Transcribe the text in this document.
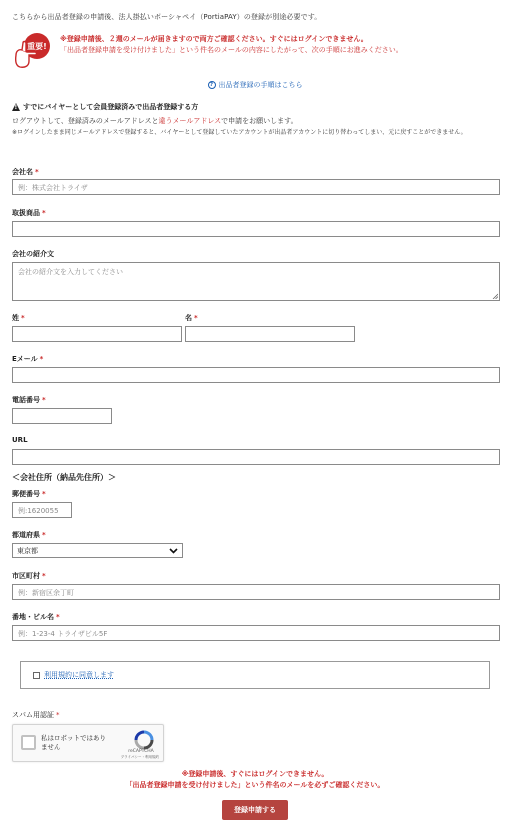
こちらから出品者登録の申請後、法人掛払いボーシャペイ（PortiaPAY）の登録が別途必要です。
重要!
※登録申請後、２週のメールが届きますので両方ご確認ください。すぐにはログインできません。
「出品者登録申請を受け付けました」という件名のメールの内容にしたがって、次の手順にお進みください。
? 出品者登録の手順はこちら
!
すでにバイヤーとして会員登録済みで出品者登録する方
ログアウトして、登録済みのメールアドレスと違うメールアドレスで申請をお願いします。
※ログインしたまま同じメールアドレスで登録すると、バイヤーとして登録していたアカウントが出品者アカウントに切り替わってしまい、元に戻すことができません。
会社名 *
例：株式会社トライザ
取扱商品 *
会社の紹介文
会社の紹介文を入力してください
姓 *	名 *
Eメール *
電話番号 *
URL
＜会社住所（納品先住所）＞
郵便番号 *
例:1620055
都道府県 *
東京都
市区町村 *
例：新宿区余丁町
番地・ビル名 *
例：1-23-4 トライザビル5F
利用規約に同意します
スパム用認証 *
私はロボットではありません
reCAPTCHA
プライバシー・利用規約
※登録申請後、すぐにはログインできません。
「出品者登録申請を受け付けました」という件名のメールを必ずご確認ください。
登録申請する
